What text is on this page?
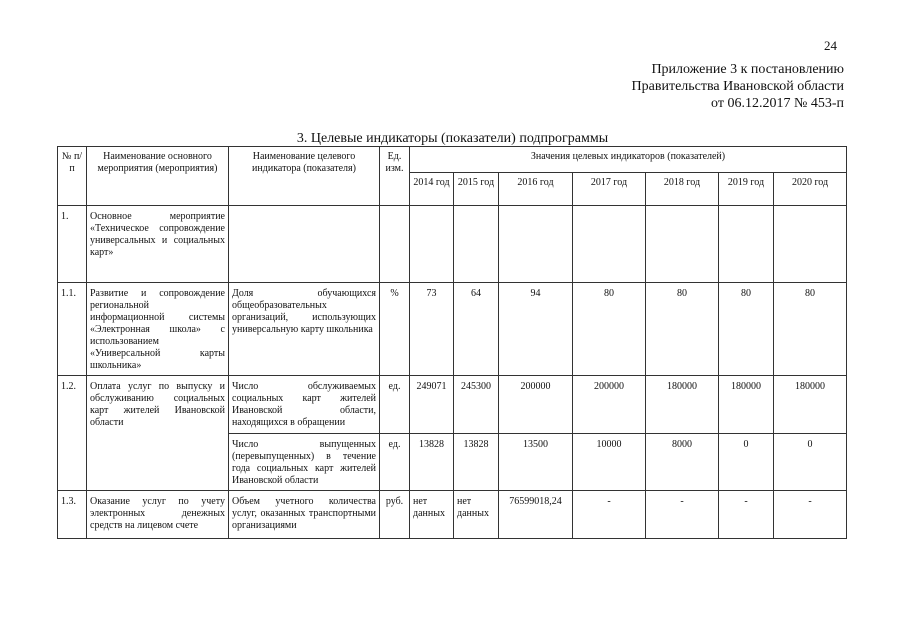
24
Приложение 3 к постановлению
Правительства Ивановской области
от 06.12.2017 № 453-п
3. Целевые индикаторы (показатели) подпрограммы
№ п/п	Наименование основного мероприятия (мероприятия)	Наименование целевого индикатора (показателя)	Ед. изм.	Значения целевых индикаторов (показателей)						
				2014 год	2015 год	2016 год	2017 год	2018 год	2019 год	2020 год
1.	Основное мероприятие «Техническое сопровождение универсальных и социальных карт»									
1.1.	Развитие и сопровождение региональной информационной системы «Электронная школа» с использованием «Универсальной карты школьника»	Доля обучающихся общеобразовательных организаций, использующих универсальную карту школьника	%	73	64	94	80	80	80	80
1.2.	Оплата услуг по выпуску и обслуживанию социальных карт жителей Ивановской области	Число обслуживаемых социальных карт жителей Ивановской области, находящихся в обращении	ед.	249071	245300	200000	200000	180000	180000	180000
		Число выпущенных (перевыпущенных) в течение года социальных карт жителей Ивановской области	ед.	13828	13828	13500	10000	8000	0	0
1.3.	Оказание услуг по учету электронных денежных средств на лицевом счете	Объем учетного количества услуг, оказанных транспортными организациями	руб.	нет данных	нет данных	76599018,24	-	-	-	-
